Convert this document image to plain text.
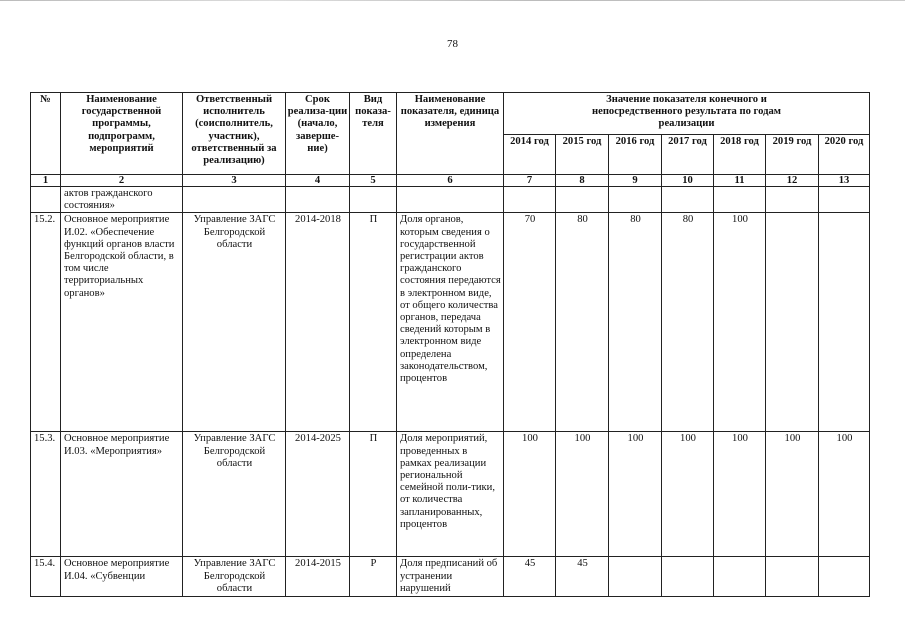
78
№	Наименование государственной программы, подпрограмм, мероприятий	Ответственный исполнитель (соисполнитель, участник), ответственный за реализацию)	Срок реализа-ции (начало, заверше-ние)	Вид показа-теля	Наименование показателя, единица измерения	Значение показателя конечного и непосредственного результата по годам реализации						
						2014 год	2015 год	2016 год	2017 год	2018 год	2019 год	2020 год
1	2	3	4	5	6	7	8	9	10	11	12	13
	актов гражданского состояния»											
15.2.	Основное мероприятие И.02. «Обеспечение функций органов власти Белгородской области, в том числе территориальных органов»	Управление ЗАГС Белгородской области	2014-2018	П	Доля органов, которым сведения о государственной регистрации актов гражданского состояния передаются в электронном виде, от общего количества органов, передача сведений которым в электронном виде определена законодательством, процентов	70	80	80	80	100		
15.3.	Основное мероприятие И.03. «Мероприятия»	Управление ЗАГС Белгородской области	2014-2025	П	Доля мероприятий, проведенных в рамках реализации региональной семейной поли-тики, от количества запланированных, процентов	100	100	100	100	100	100	100
15.4.	Основное мероприятие И.04. «Субвенции	Управление ЗАГС Белгородской области	2014-2015	Р	Доля предписаний об устранении нарушений	45	45					
